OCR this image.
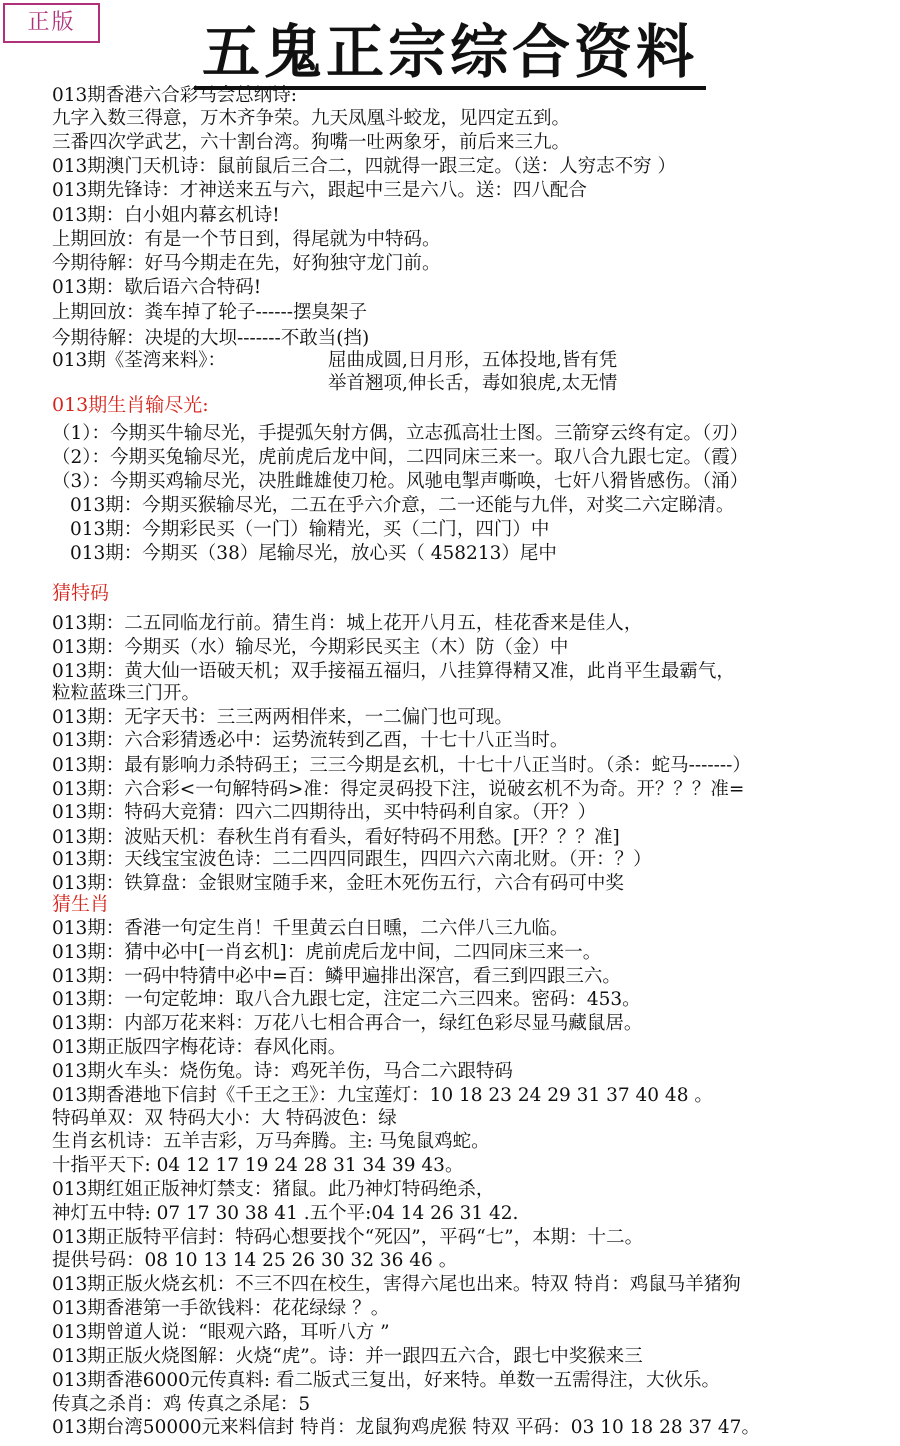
正版	五鬼正宗综合资料
013期香港六合彩马会总纲诗:
九字入数三得意，万木齐争荣。九天凤凰斗蛟龙，见四定五到。
三番四次学武艺，六十割台湾。狗嘴一吐两象牙，前后来三九。
013期澳门天机诗：鼠前鼠后三合二，四就得一跟三定。（送：人穷志不穷 ）
013期先锋诗：才神送来五与六，跟起中三是六八。送：四八配合
013期：白小姐内幕玄机诗!
上期回放：有是一个节日到，得尾就为中特码。
今期待解：好马今期走在先，好狗独守龙门前。
013期：歇后语六合特码!
上期回放：粪车掉了轮子------摆臭架子
今期待解：决堤的大坝-------不敢当(挡)
013期《荃湾来料》：	屈曲成圆,日月形，五体投地,皆有凭
举首翘项,伸长舌，毒如狼虎,太无情
013期生肖输尽光:
（1）：今期买牛输尽光，手提弧矢射方偶，立志孤高壮士图。三箭穿云终有定。（刃）
（2）：今期买兔输尽光，虎前虎后龙中间，二四同床三来一。取八合九跟七定。（霞）
（3）：今期买鸡输尽光，决胜雌雄使刀枪。风驰电掣声嘶唤，七奸八猾皆感伤。（涌）
013期：今期买猴输尽光，二五在乎六介意，二一还能与九伴，对奖二六定睇清。
013期：今期彩民买（一门）输精光，买（二门，四门）中
013期：今期买（38）尾输尽光，放心买（ 458213）尾中
猜特码
013期：二五同临龙行前。猜生肖：城上花开八月五，桂花香来是佳人，
013期：今期买（水）输尽光，今期彩民买主（木）防（金）中
013期：黄大仙一语破天机；双手接福五福归，八挂算得精又准，此肖平生最霸气，
粒粒蓝珠三门开。
013期：无字天书：三三两两相伴来，一二偏门也可现。
013期：六合彩猜透必中：运势流转到乙酉，十七十八正当时。
013期：最有影响力杀特码王；三三今期是玄机，十七十八正当时。（杀：蛇马-------）
013期：六合彩<一句解特码>准：得定灵码投下注，说破玄机不为奇。开？？？准=
013期：特码大竞猜：四六二四期待出，买中特码利自家。（开？）
013期：波贴天机：春秋生肖有看头，看好特码不用愁。[开？？？准]
013期：天线宝宝波色诗：二二四四同跟生，四四六六南北财。（开：？）
013期：铁算盘：金银财宝随手来，金旺木死伤五行，六合有码可中奖
猜生肖
013期：香港一句定生肖！千里黄云白日曛，二六伴八三九临。
013期：猜中必中[一肖玄机]：虎前虎后龙中间，二四同床三来一。
013期：一码中特猜中必中=百：鳞甲遍排出深宫，看三到四跟三六。
013期：一句定乾坤：取八合九跟七定，注定二六三四来。密码：453。
013期：内部万花来料：万花八七相合再合一，绿红色彩尽显马藏鼠居。
013期正版四字梅花诗：春风化雨。
013期火车头：烧伤兔。诗：鸡死羊伤，马合二六跟特码
013期香港地下信封《千王之王》：九宝莲灯：10 18 23 24 29 31 37 40 48 。
特码单双：双 特码大小：大 特码波色：绿
生肖玄机诗：五羊吉彩，万马奔腾。主: 马兔鼠鸡蛇。
十指平天下: 04 12 17 19 24 28 31 34 39 43。
013期红姐正版神灯禁支：猪鼠。此乃神灯特码绝杀，
神灯五中特: 07 17 30 38 41 .五个平:04 14 26 31 42.
013期正版特平信封：特码心想要找个“死囚”，平码“七”，本期：十二。
提供号码：08 10 13 14 25 26 30 32 36 46 。
013期正版火烧玄机：不三不四在校生，害得六尾也出来。特双 特肖：鸡鼠马羊猪狗
013期香港第一手欲钱料：花花绿绿 ？。
013期曾道人说：“眼观六路，耳听八方 ”
013期正版火烧图解：火烧“虎”。诗：并一跟四五六合，跟七中奖猴来三
013期香港6000元传真料: 看二版式三复出，好来特。单数一五需得注，大伙乐。
传真之杀肖：鸡 传真之杀尾：5
013期台湾50000元来料信封 特肖：龙鼠狗鸡虎猴 特双 平码：03 10 18 28 37 47。
